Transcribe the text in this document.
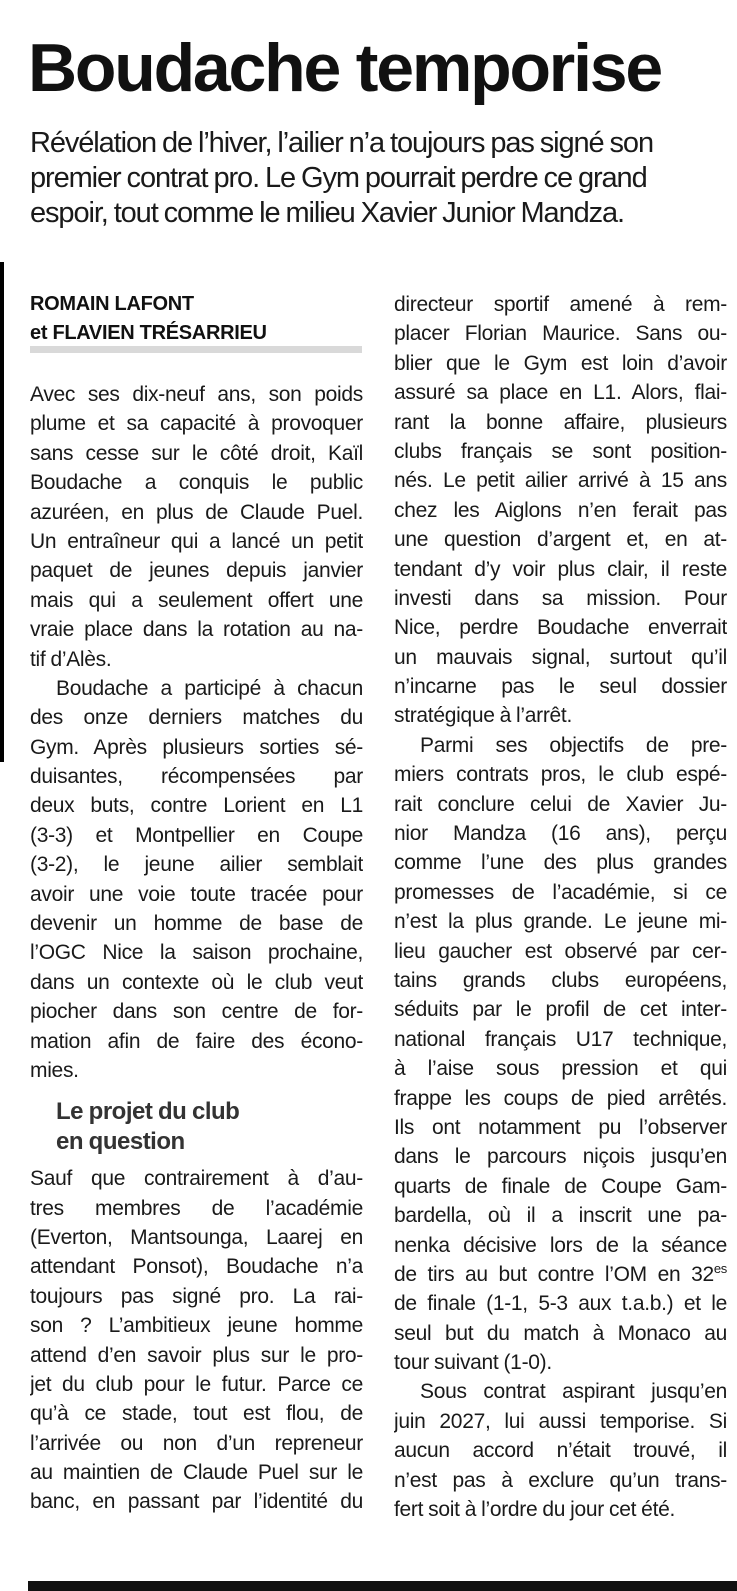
Boudache temporise

Révélation de l’hiver, l’ailier n’a toujours pas signé son premier contrat pro. Le Gym pourrait perdre ce grand espoir, tout comme le milieu Xavier Junior Mandza.

ROMAIN LAFONT
et FLAVIEN TRÉSARRIEU
Avec ses dix-neuf ans, son poids
plume et sa capacité à provoquer
sans cesse sur le côté droit, Kaïl
Boudache a conquis le public
azuréen, en plus de Claude Puel.
Un entraîneur qui a lancé un petit
paquet de jeunes depuis janvier
mais qui a seulement offert une
vraie place dans la rotation au na-
tif d’Alès.
Boudache a participé à chacun
des onze derniers matches du
Gym. Après plusieurs sorties sé-
duisantes, récompensées par
deux buts, contre Lorient en L1
(3-3) et Montpellier en Coupe
(3-2), le jeune ailier semblait
avoir une voie toute tracée pour
devenir un homme de base de
l’OGC Nice la saison prochaine,
dans un contexte où le club veut
piocher dans son centre de for-
mation afin de faire des écono-
mies.
Le projet du club
en question
Sauf que contrairement à d’au-
tres membres de l’académie
(Everton, Mantsounga, Laarej en
attendant Ponsot), Boudache n’a
toujours pas signé pro. La rai-
son ? L’ambitieux jeune homme
attend d’en savoir plus sur le pro-
jet du club pour le futur. Parce ce
qu’à ce stade, tout est flou, de
l’arrivée ou non d’un repreneur
au maintien de Claude Puel sur le
banc, en passant par l’identité du
directeur sportif amené à rem-
placer Florian Maurice. Sans ou-
blier que le Gym est loin d’avoir
assuré sa place en L1. Alors, flai-
rant la bonne affaire, plusieurs
clubs français se sont position-
nés. Le petit ailier arrivé à 15 ans
chez les Aiglons n’en ferait pas
une question d’argent et, en at-
tendant d’y voir plus clair, il reste
investi dans sa mission. Pour
Nice, perdre Boudache enverrait
un mauvais signal, surtout qu’il
n’incarne pas le seul dossier
stratégique à l’arrêt.
Parmi ses objectifs de pre-
miers contrats pros, le club espé-
rait conclure celui de Xavier Ju-
nior Mandza (16 ans), perçu
comme l’une des plus grandes
promesses de l’académie, si ce
n’est la plus grande. Le jeune mi-
lieu gaucher est observé par cer-
tains grands clubs européens,
séduits par le profil de cet inter-
national français U17 technique,
à l’aise sous pression et qui
frappe les coups de pied arrêtés.
Ils ont notamment pu l’observer
dans le parcours niçois jusqu’en
quarts de finale de Coupe Gam-
bardella, où il a inscrit une pa-
nenka décisive lors de la séance
de tirs au but contre l’OM en $32^{es}$
de finale (1-1, 5-3 aux t.a.b.) et le
seul but du match à Monaco au
tour suivant (1-0).
Sous contrat aspirant jusqu’en
juin 2027, lui aussi temporise. Si
aucun accord n’était trouvé, il
n’est pas à exclure qu’un trans-
fert soit à l’ordre du jour cet été.
